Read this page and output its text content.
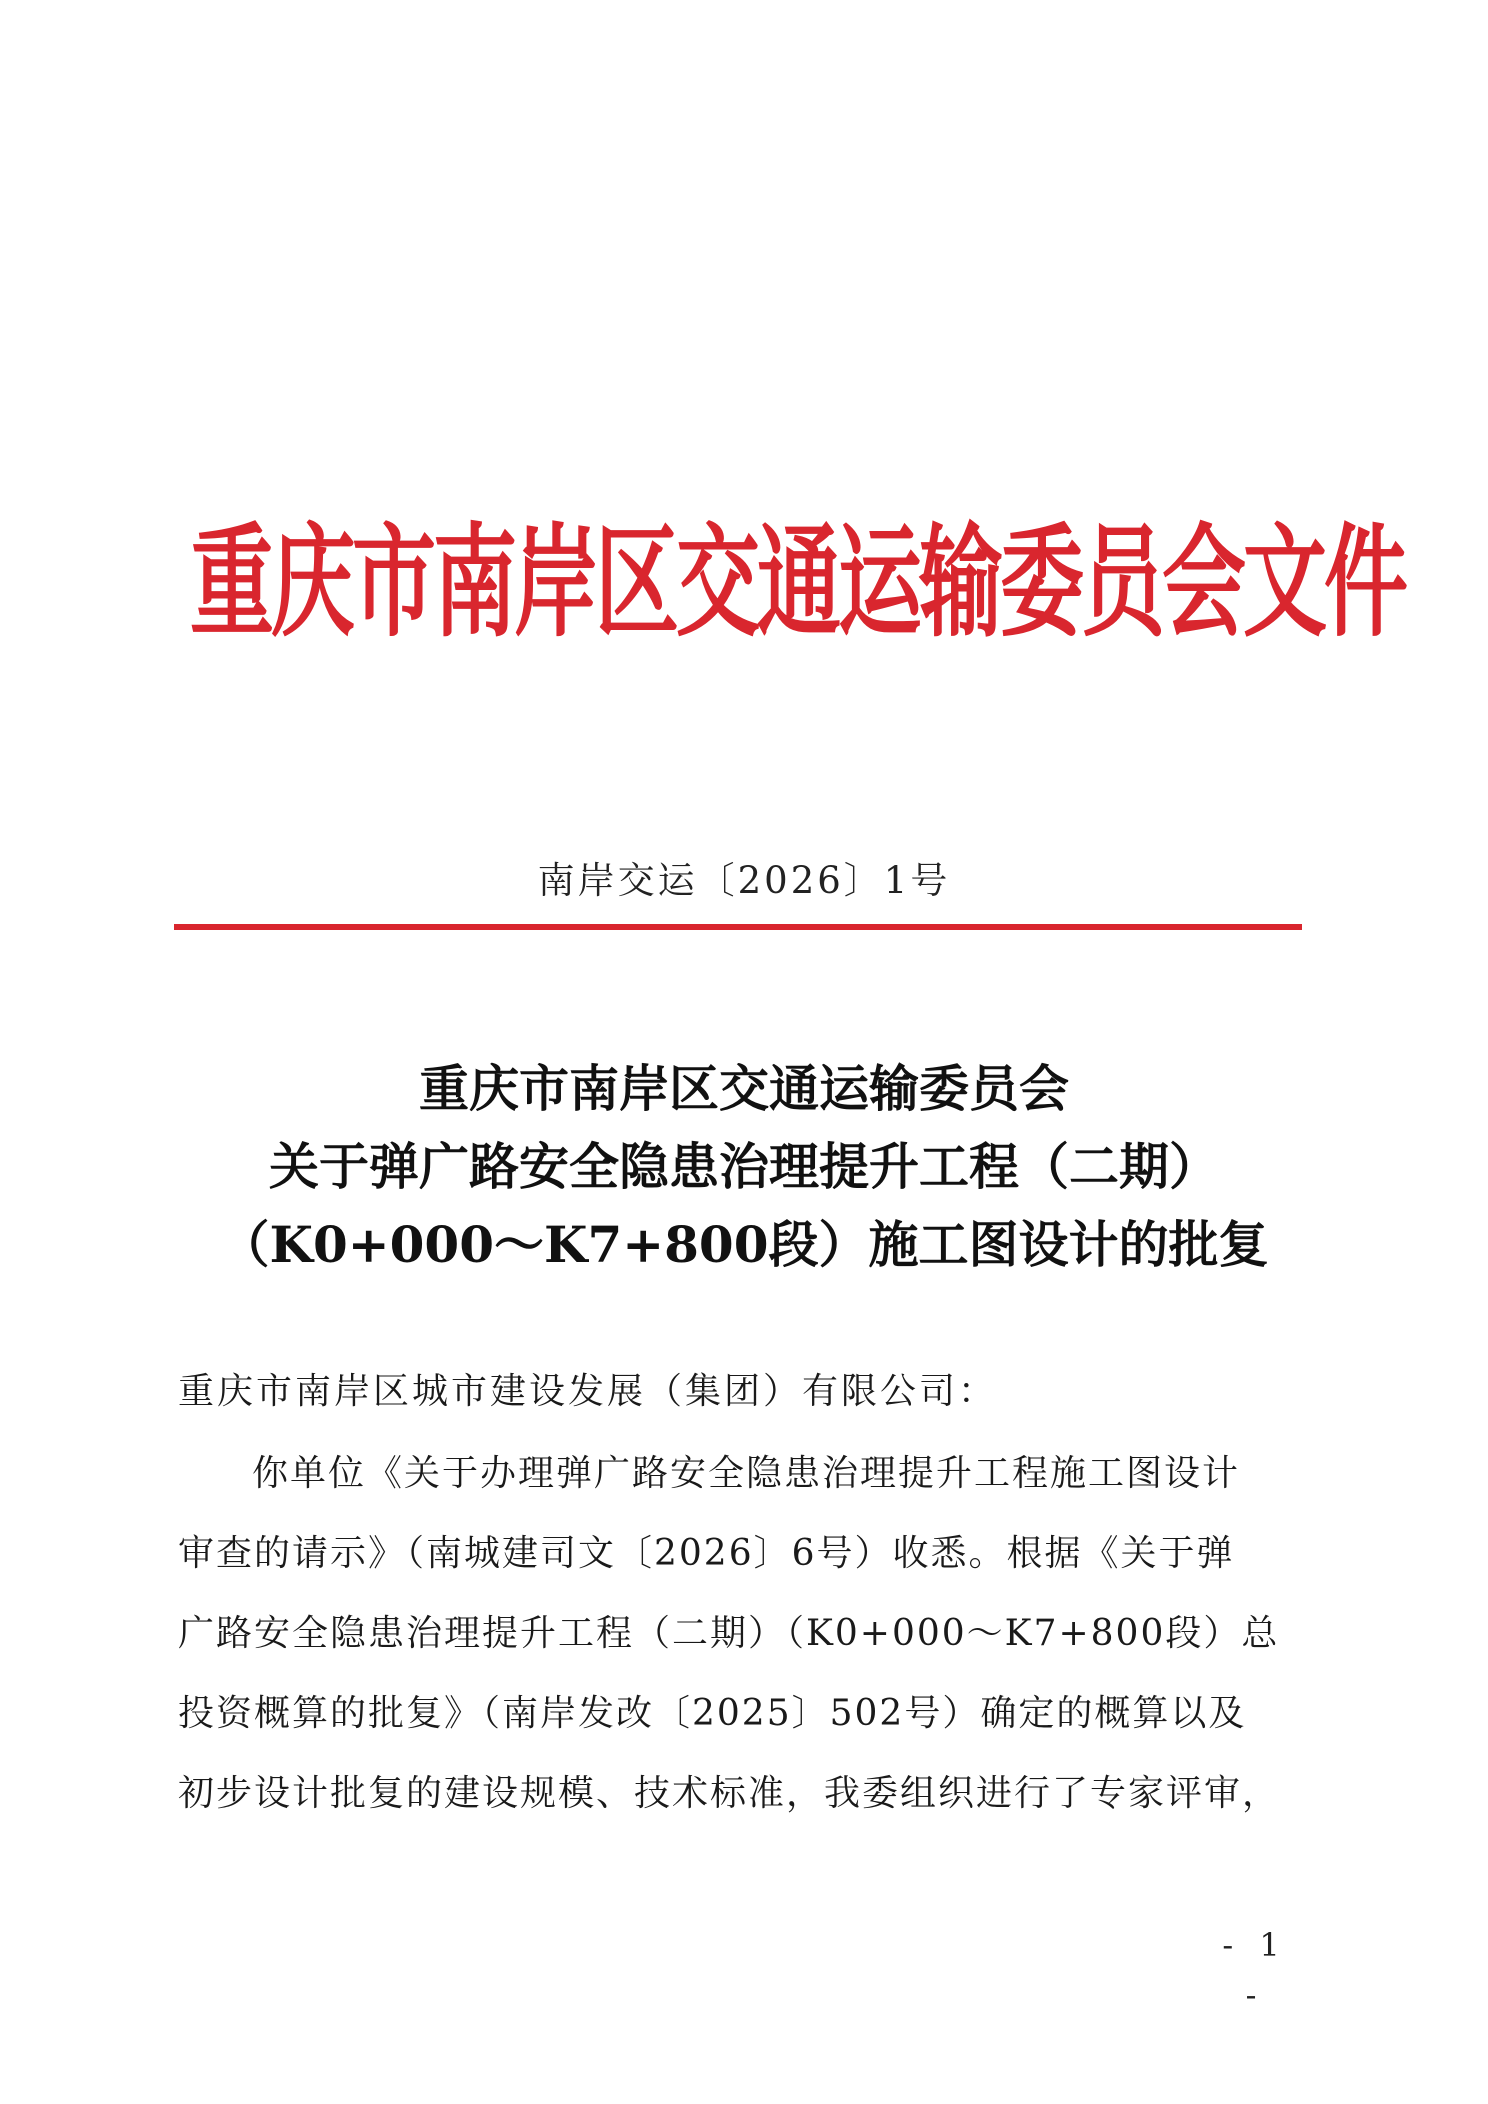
重庆市南岸区交通运输委员会文件
南岸交运〔2026〕1号
重庆市南岸区交通运输委员会
关于弹广路安全隐患治理提升工程（二期）
（K0+000～K7+800段）施工图设计的批复
重庆市南岸区城市建设发展（集团）有限公司：
你单位《关于办理弹广路安全隐患治理提升工程施工图设计
审查的请示》（南城建司文〔2026〕6号）收悉。根据《关于弹
广路安全隐患治理提升工程（二期）（K0+000～K7+800段）总
投资概算的批复》（南岸发改〔2025〕502号）确定的概算以及
初步设计批复的建设规模、技术标准，我委组织进行了专家评审，
- 1 -
